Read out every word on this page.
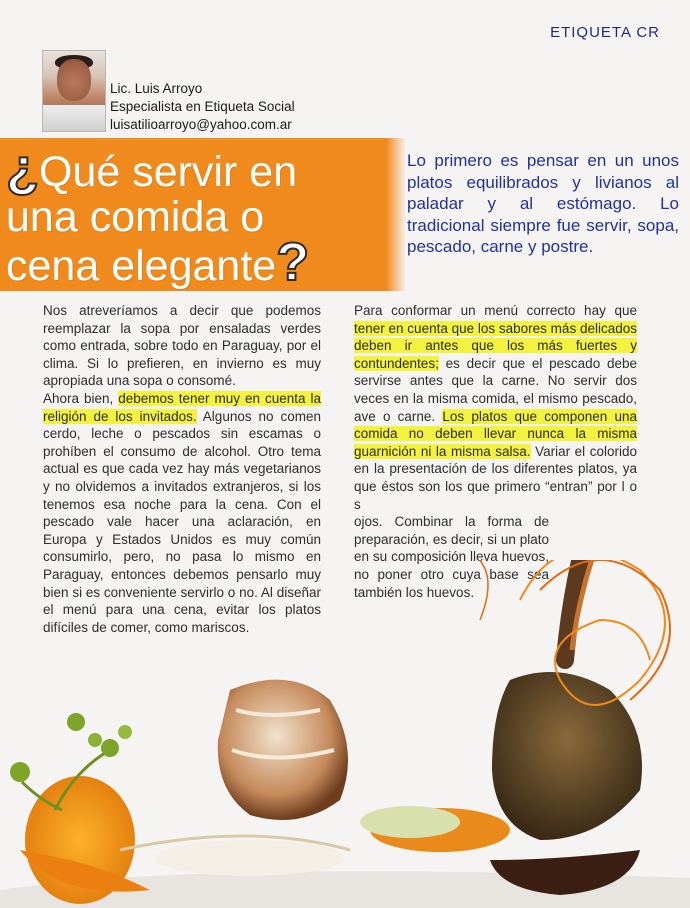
ETIQUETA CR
Lic. Luis Arroyo
Especialista en Etiqueta Social
luisatilioarroyo@yahoo.com.ar
¿Qué servir en
una comida o
cena elegante?
Lo primero es pensar en un unos platos equilibrados y livianos al paladar y al estómago. Lo tradicional siempre fue servir, sopa, pescado, carne y postre.

Nos atreveríamos a decir que podemos reemplazar la sopa por ensaladas verdes como entrada, sobre todo en Paraguay, por el clima. Si lo prefieren, en invierno es muy apropiada una sopa o consomé.

Ahora bien, debemos tener muy en cuenta la religión de los invitados. Algunos no comen cerdo, leche o pescados sin escamas o prohíben el consumo de alcohol. Otro tema actual es que cada vez hay más vegetarianos y no olvidemos a invitados extranjeros, si los tenemos esa noche para la cena. Con el pescado vale hacer una aclaración, en Europa y Estados Unidos es muy común consumirlo, pero, no pasa lo mismo en Paraguay, entonces debemos pensarlo muy bien si es conveniente servirlo o no. Al diseñar el menú para una cena, evitar los platos difíciles de comer, como mariscos.

Para conformar un menú correcto hay que tener en cuenta que los sabores más delicados deben ir antes que los más fuertes y contundentes; es decir que el pescado debe servirse antes que la carne. No servir dos veces en la misma comida, el mismo pescado, ave o carne. Los platos que componen una comida no deben llevar nunca la misma guarnición ni la misma salsa. Variar el colorido en la presentación de los diferentes platos, ya que éstos son los que primero “entran” por l o s

ojos. Combinar la forma de preparación, es decir, si un plato en su composición lleva huevos, no poner otro cuya base sea también los huevos.
